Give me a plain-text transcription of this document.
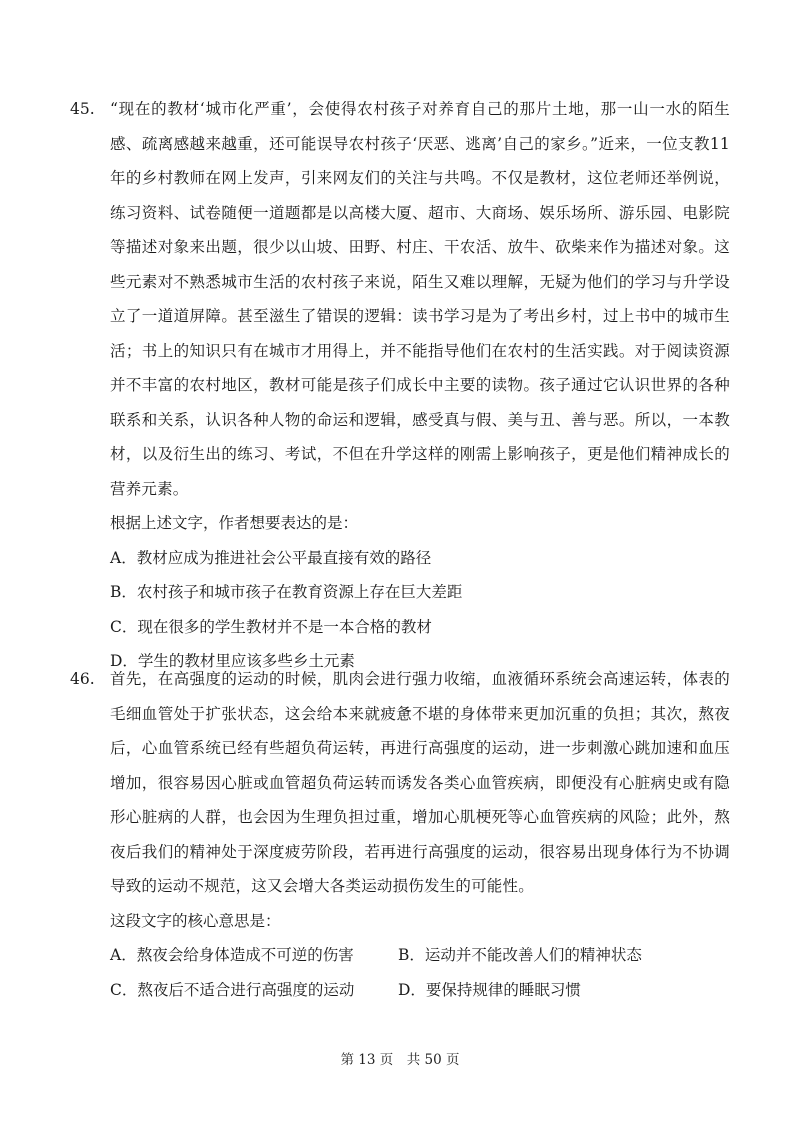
45. “现在的教材‘城市化严重’，会使得农村孩子对养育自己的那片土地，那一山一水的陌生感、疏离感越来越重，还可能误导农村孩子‘厌恶、逃离’自己的家乡。”近来，一位支教11年的乡村教师在网上发声，引来网友们的关注与共鸣。不仅是教材，这位老师还举例说，练习资料、试卷随便一道题都是以高楼大厦、超市、大商场、娱乐场所、游乐园、电影院等描述对象来出题，很少以山坡、田野、村庄、干农活、放牛、砍柴来作为描述对象。这些元素对不熟悉城市生活的农村孩子来说，陌生又难以理解，无疑为他们的学习与升学设立了一道道屏障。甚至滋生了错误的逻辑：读书学习是为了考出乡村，过上书中的城市生活；书上的知识只有在城市才用得上，并不能指导他们在农村的生活实践。对于阅读资源并不丰富的农村地区，教材可能是孩子们成长中主要的读物。孩子通过它认识世界的各种联系和关系，认识各种人物的命运和逻辑，感受真与假、美与丑、善与恶。所以，一本教材，以及衍生出的练习、考试，不但在升学这样的刚需上影响孩子，更是他们精神成长的营养元素。
根据上述文字，作者想要表达的是：
A．教材应成为推进社会公平最直接有效的路径
B．农村孩子和城市孩子在教育资源上存在巨大差距
C．现在很多的学生教材并不是一本合格的教材
D．学生的教材里应该多些乡土元素
46. 首先，在高强度的运动的时候，肌肉会进行强力收缩，血液循环系统会高速运转，体表的毛细血管处于扩张状态，这会给本来就疲惫不堪的身体带来更加沉重的负担；其次，熬夜后，心血管系统已经有些超负荷运转，再进行高强度的运动，进一步刺激心跳加速和血压增加，很容易因心脏或血管超负荷运转而诱发各类心血管疾病，即便没有心脏病史或有隐形心脏病的人群，也会因为生理负担过重，增加心肌梗死等心血管疾病的风险；此外，熬夜后我们的精神处于深度疲劳阶段，若再进行高强度的运动，很容易出现身体行为不协调导致的运动不规范，这又会增大各类运动损伤发生的可能性。
这段文字的核心意思是：
A．熬夜会给身体造成不可逆的伤害	B．运动并不能改善人们的精神状态
C．熬夜后不适合进行高强度的运动	D．要保持规律的睡眠习惯
第 13 页　共 50 页
